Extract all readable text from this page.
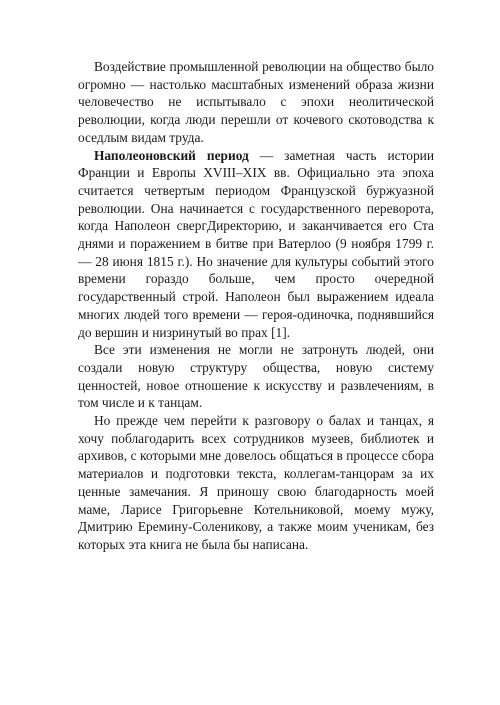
Воздействие промышленной революции на общество было огромно — настолько масштабных изменений образа жизни человечество не испытывало с эпохи неолитической революции, когда люди перешли от кочевого скотоводства к оседлым видам труда.

Наполеоновский период — заметная часть истории Франции и Европы XVIII–XIX вв. Официально эта эпоха считается четвертым периодом Французской буржуазной революции. Она начинается с государственного переворота, когда Наполеон свергДиректорию, и заканчивается его Ста днями и поражением в битве при Ватерлоо (9 ноября 1799 г. — 28 июня 1815 г.). Но значение для культуры событий этого времени гораздо больше, чем просто очередной государственный строй. Наполеон был выражением идеала многих людей того времени — героя-одиночка, поднявшийся до вершин и низринутый во прах [1].

Все эти изменения не могли не затронуть людей, они создали новую структуру общества, новую систему ценностей, новое отношение к искусству и развлечениям, в том числе и к танцам.

Но прежде чем перейти к разговору о балах и танцах, я хочу поблагодарить всех сотрудников музеев, библиотек и архивов, с которыми мне довелось общаться в процессе сбора материалов и подготовки текста, коллегам-танцорам за их ценные замечания. Я приношу свою благодарность моей маме, Ларисе Григорьевне Котельниковой, моему мужу, Дмитрию Еремину-Соленикову, а также моим ученикам, без которых эта книга не была бы написана.
